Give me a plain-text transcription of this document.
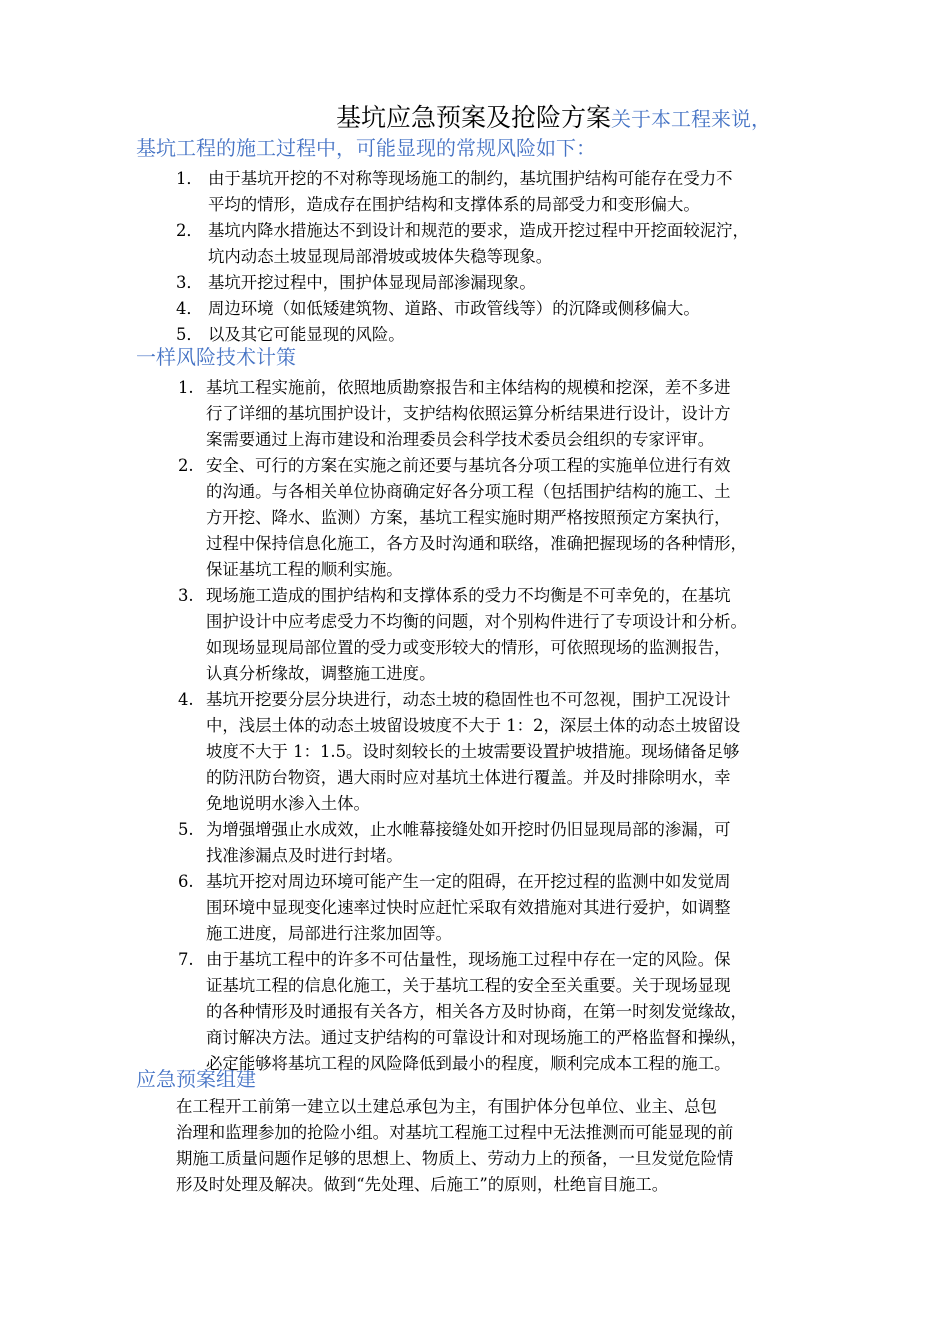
基坑应急预案及抢险方案关于本工程来说，
基坑工程的施工过程中，可能显现的常规风险如下：
1． 由于基坑开挖的不对称等现场施工的制约，基坑围护结构可能存在受力不
平均的情形，造成存在围护结构和支撑体系的局部受力和变形偏大。
2． 基坑内降水措施达不到设计和规范的要求，造成开挖过程中开挖面较泥泞，
坑内动态土坡显现局部滑坡或坡体失稳等现象。
3． 基坑开挖过程中，围护体显现局部渗漏现象。
4． 周边环境（如低矮建筑物、道路、市政管线等）的沉降或侧移偏大。
5． 以及其它可能显现的风险。
一样风险技术计策
1. 基坑工程实施前，依照地质勘察报告和主体结构的规模和挖深，差不多进
行了详细的基坑围护设计，支护结构依照运算分析结果进行设计，设计方
案需要通过上海市建设和治理委员会科学技术委员会组织的专家评审。
2. 安全、可行的方案在实施之前还要与基坑各分项工程的实施单位进行有效
的沟通。与各相关单位协商确定好各分项工程（包括围护结构的施工、土
方开挖、降水、监测）方案，基坑工程实施时期严格按照预定方案执行，
过程中保持信息化施工，各方及时沟通和联络，准确把握现场的各种情形，
保证基坑工程的顺利实施。
3. 现场施工造成的围护结构和支撑体系的受力不均衡是不可幸免的，在基坑
围护设计中应考虑受力不均衡的问题，对个别构件进行了专项设计和分析。
如现场显现局部位置的受力或变形较大的情形，可依照现场的监测报告，
认真分析缘故，调整施工进度。
4. 基坑开挖要分层分块进行，动态土坡的稳固性也不可忽视，围护工况设计
中，浅层土体的动态土坡留设坡度不大于 1：2，深层土体的动态土坡留设
坡度不大于 1：1.5。设时刻较长的土坡需要设置护坡措施。现场储备足够
的防汛防台物资，遇大雨时应对基坑土体进行覆盖。并及时排除明水，幸
免地说明水渗入土体。
5. 为增强增强止水成效，止水帷幕接缝处如开挖时仍旧显现局部的渗漏，可
找准渗漏点及时进行封堵。
6. 基坑开挖对周边环境可能产生一定的阻碍，在开挖过程的监测中如发觉周
围环境中显现变化速率过快时应赶忙采取有效措施对其进行爱护，如调整
施工进度，局部进行注浆加固等。
7. 由于基坑工程中的许多不可估量性，现场施工过程中存在一定的风险。保
证基坑工程的信息化施工，关于基坑工程的安全至关重要。关于现场显现
的各种情形及时通报有关各方，相关各方及时协商，在第一时刻发觉缘故，
商讨解决方法。通过支护结构的可靠设计和对现场施工的严格监督和操纵，
必定能够将基坑工程的风险降低到最小的程度，顺利完成本工程的施工。
应急预案组建
在工程开工前第一建立以土建总承包为主，有围护体分包单位、业主、总包
治理和监理参加的抢险小组。对基坑工程施工过程中无法推测而可能显现的前
期施工质量问题作足够的思想上、物质上、劳动力上的预备，一旦发觉危险情
形及时处理及解决。做到“先处理、后施工”的原则，杜绝盲目施工。
